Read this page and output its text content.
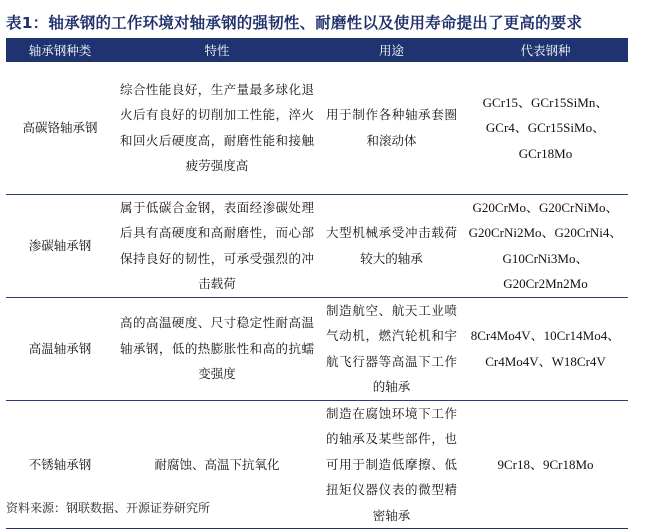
表1：轴承钢的工作环境对轴承钢的强韧性、耐磨性以及使用寿命提出了更高的要求
轴承钢种类	特性	用途	代表钢种
高碳铬轴承钢	综合性能良好，生产量最多球化退火后有良好的切削加工性能，淬火和回火后硬度高，耐磨性能和接触疲劳强度高	用于制作各种轴承套圈和滚动体	GCr15、GCr15SiMn、GCr4、GCr15SiMo、GCr18Mo
渗碳轴承钢	属于低碳合金钢，表面经渗碳处理后具有高硬度和高耐磨性，而心部保持良好的韧性，可承受强烈的冲击载荷	大型机械承受冲击载荷较大的轴承	G20CrMo、G20CrNiMo、G20CrNi2Mo、G20CrNi4、G10CrNi3Mo、G20Cr2Mn2Mo
高温轴承钢	高的高温硬度、尺寸稳定性耐高温轴承钢，低的热膨胀性和高的抗蠕变强度	制造航空、航天工业喷气动机，燃汽轮机和宇航飞行器等高温下工作的轴承	8Cr4Mo4V、10Cr14Mo4、Cr4Mo4V、W18Cr4V
不锈轴承钢	耐腐蚀、高温下抗氧化	制造在腐蚀环境下工作的轴承及某些部件，也可用于制造低摩擦、低扭矩仪器仪表的微型精密轴承	9Cr18、9Cr18Mo
资料来源：钢联数据、开源证券研究所
